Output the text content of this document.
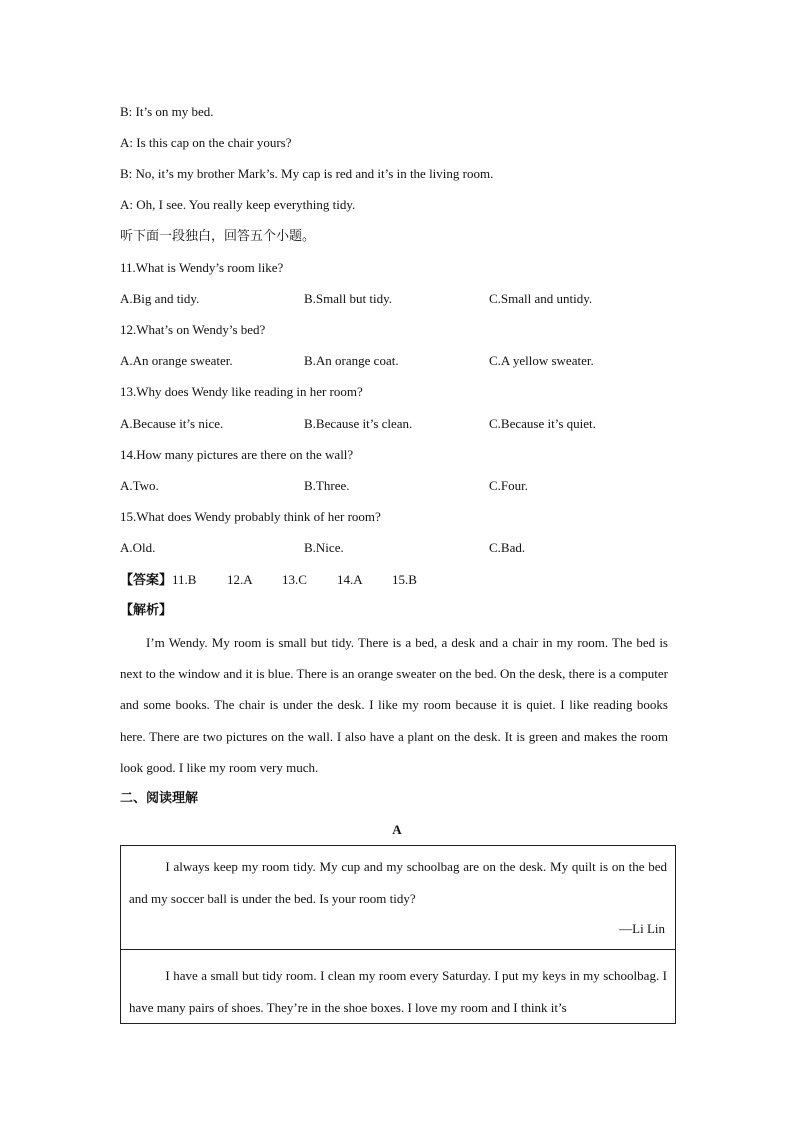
B: It’s on my bed.
A: Is this cap on the chair yours?
B: No, it’s my brother Mark’s. My cap is red and it’s in the living room.
A: Oh, I see. You really keep everything tidy.
听下面一段独白，回答五个小题。
11.What is Wendy’s room like?
A.Big and tidy.	B.Small but tidy.	C.Small and untidy.
12.What’s on Wendy’s bed?
A.An orange sweater.	B.An orange coat.	C.A yellow sweater.
13.Why does Wendy like reading in her room?
A.Because it’s nice.	B.Because it’s clean.	C.Because it’s quiet.
14.How many pictures are there on the wall?
A.Two.	B.Three.	C.Four.
15.What does Wendy probably think of her room?
A.Old.	B.Nice.	C.Bad.
【答案】11.B 12.A 13.C 14.A 15.B
【解析】
I’m Wendy. My room is small but tidy. There is a bed, a desk and a chair in my room. The bed is next to the window and it is blue. There is an orange sweater on the bed. On the desk, there is a computer and some books. The chair is under the desk. I like my room because it is quiet. I like reading books here. There are two pictures on the wall. I also have a plant on the desk. It is green and makes the room look good. I like my room very much.
二、阅读理解
A

I always keep my room tidy. My cup and my schoolbag are on the desk. My quilt is on the bed and my soccer ball is under the bed. Is your room tidy?

—Li Lin

I have a small but tidy room. I clean my room every Saturday. I put my keys in my schoolbag. I have many pairs of shoes. They’re in the shoe boxes. I love my room and I think it’s
